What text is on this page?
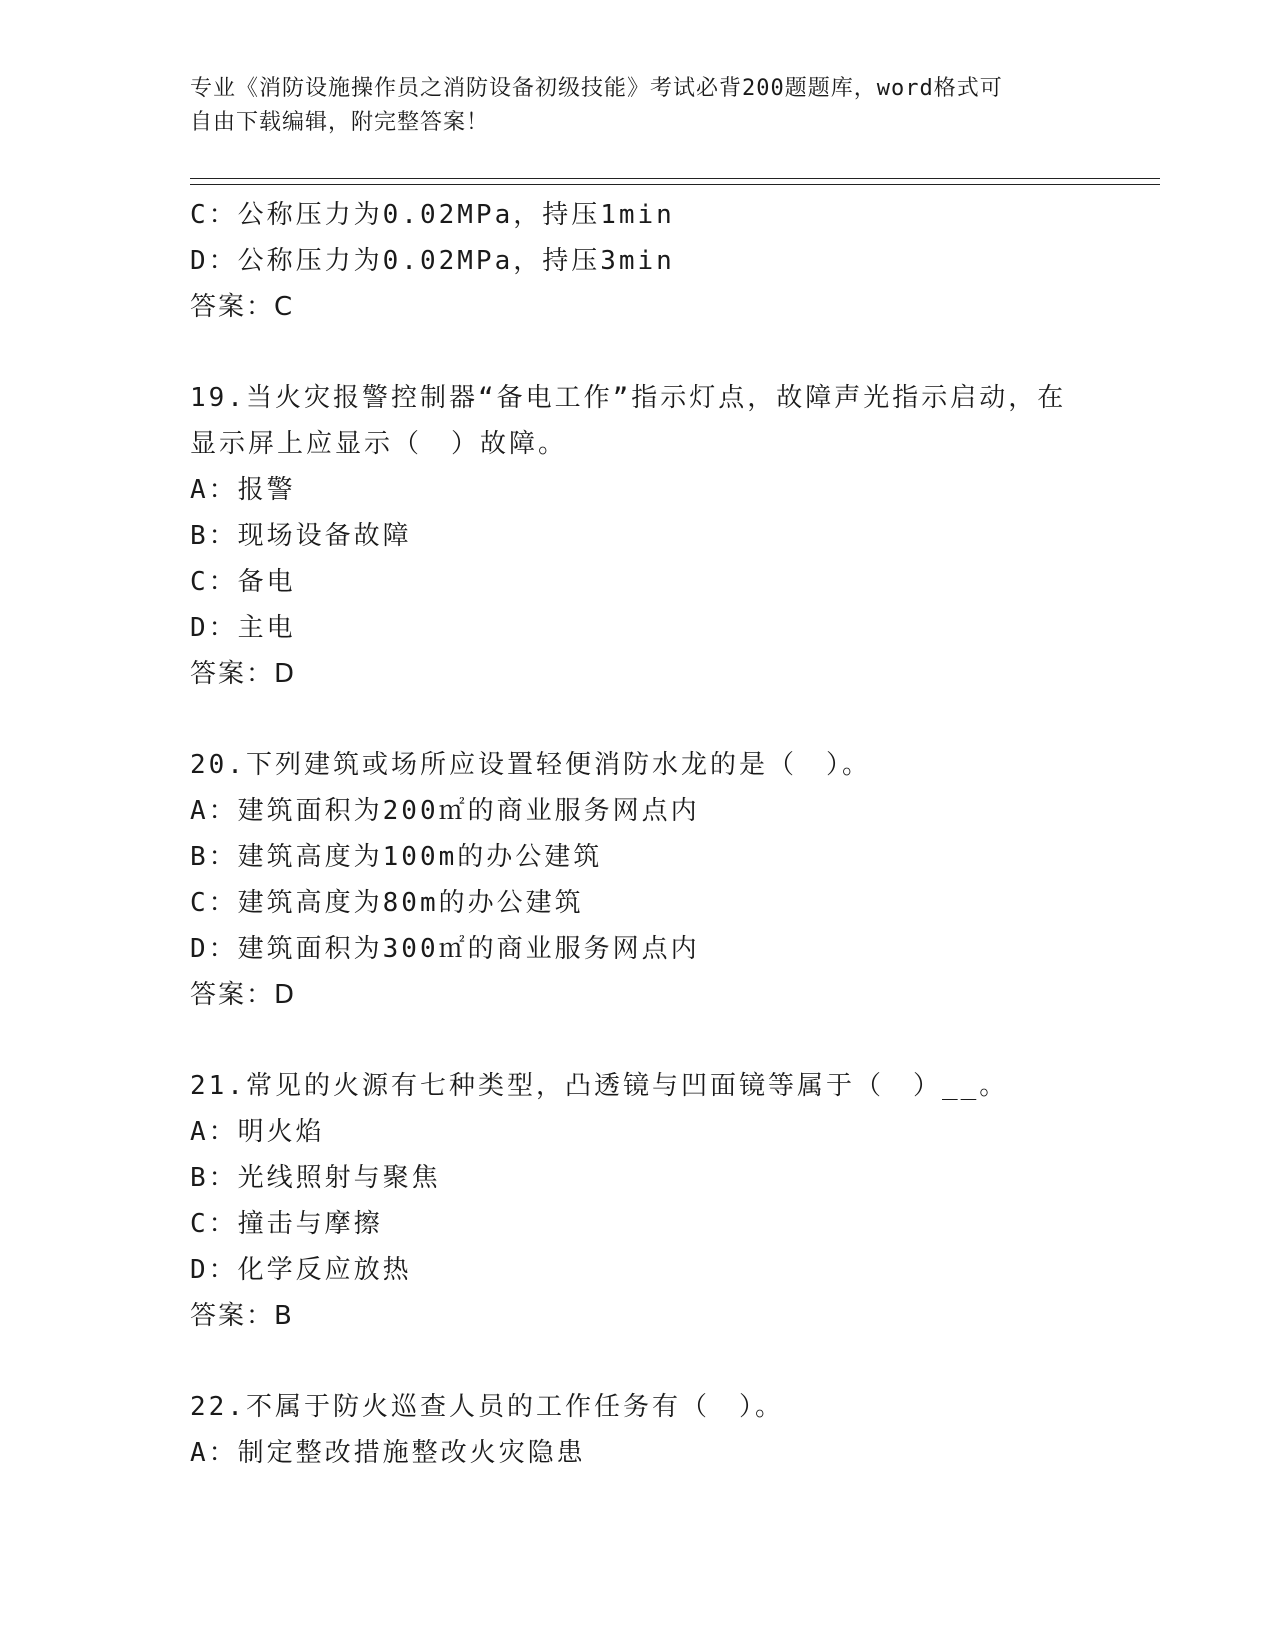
专业《消防设施操作员之消防设备初级技能》考试必背200题题库，word格式可
自由下载编辑，附完整答案！
C：公称压力为0.02MPa，持压1min
D：公称压力为0.02MPa，持压3min
答案：C
19.当火灾报警控制器“备电工作”指示灯点，故障声光指示启动，在
显示屏上应显示（　）故障。
A：报警
B：现场设备故障
C：备电
D：主电
答案：D
20.下列建筑或场所应设置轻便消防水龙的是（　）。
A：建筑面积为200㎡的商业服务网点内
B：建筑高度为100m的办公建筑
C：建筑高度为80m的办公建筑
D：建筑面积为300㎡的商业服务网点内
答案：D
21.常见的火源有七种类型，凸透镜与凹面镜等属于（　）__。
A：明火焰
B：光线照射与聚焦
C：撞击与摩擦
D：化学反应放热
答案：B
22.不属于防火巡查人员的工作任务有（　）。
A：制定整改措施整改火灾隐患
